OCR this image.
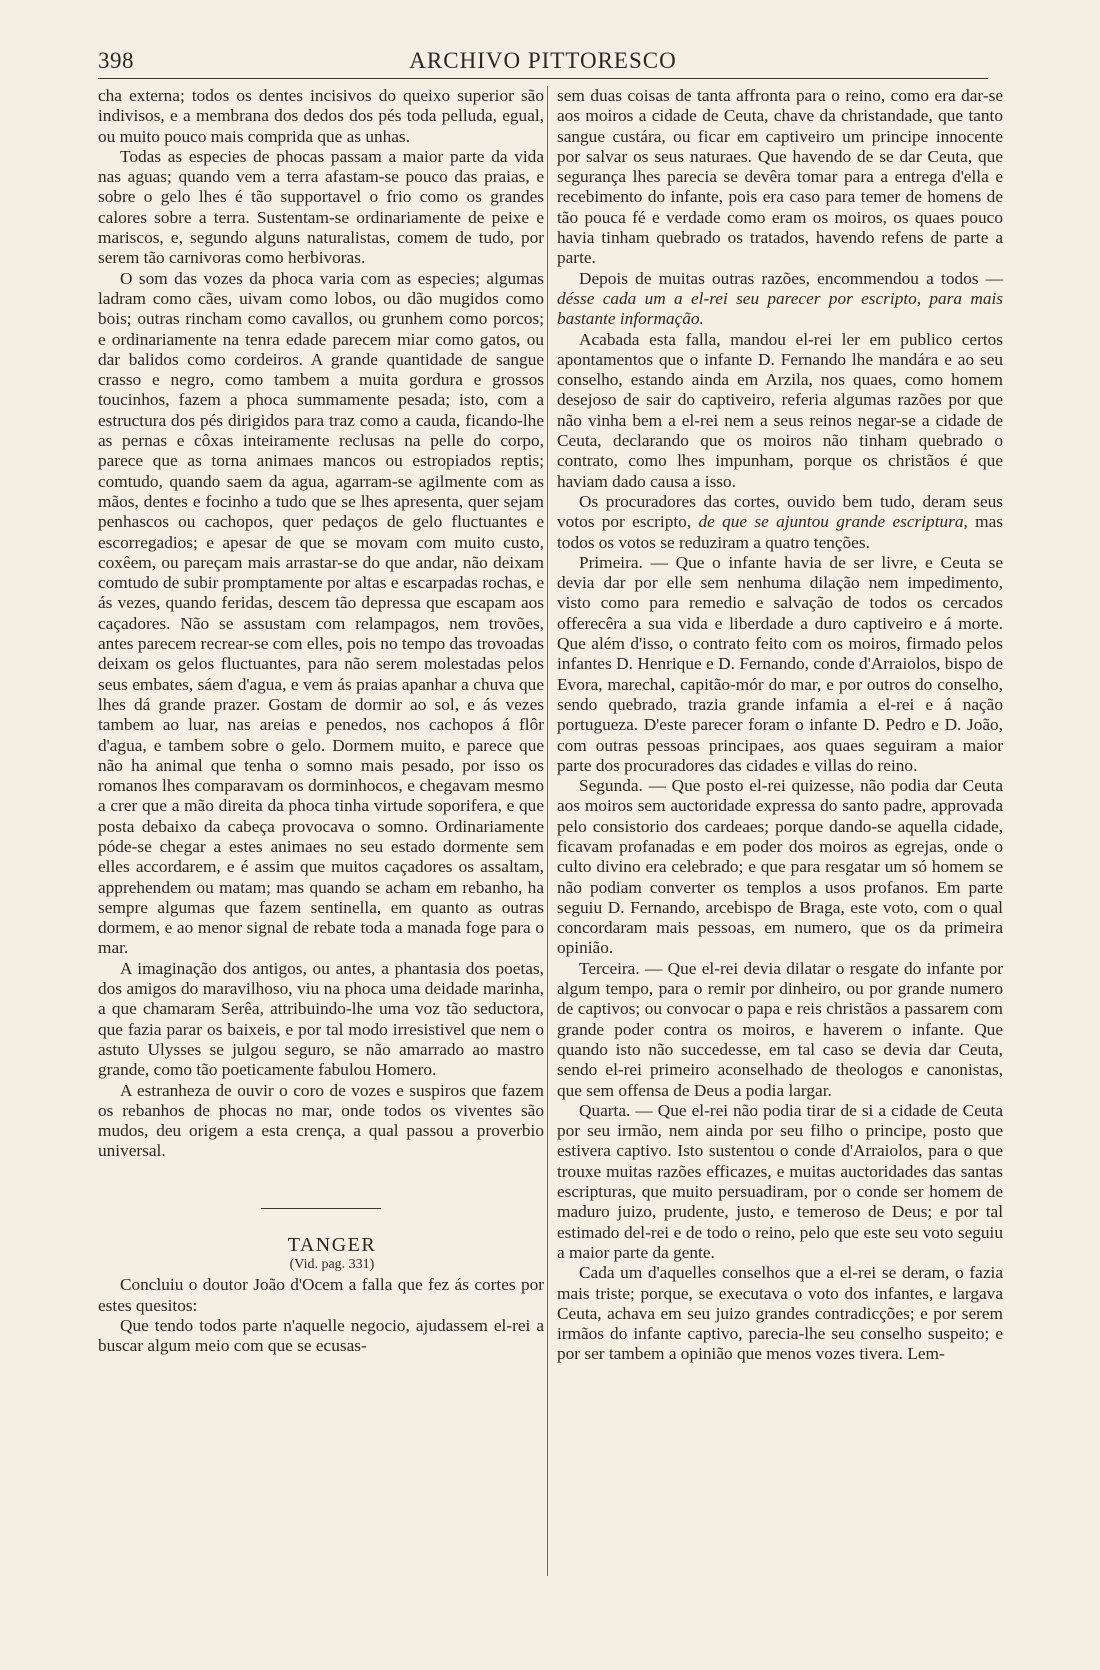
398	ARCHIVO PITTORESCO

cha externa; todos os dentes incisivos do queixo superior são indivisos, e a membrana dos dedos dos pés toda pelluda, egual, ou muito pouco mais comprida que as unhas.

Todas as especies de phocas passam a maior parte da vida nas aguas; quando vem a terra afastam-se pouco das praias, e sobre o gelo lhes é tão supportavel o frio como os grandes calores sobre a terra. Sustentam-se ordinariamente de peixe e mariscos, e, segundo alguns naturalistas, comem de tudo, por serem tão carnivoras como herbivoras.

O som das vozes da phoca varia com as especies; algumas ladram como cães, uivam como lobos, ou dão mugidos como bois; outras rincham como cavallos, ou grunhem como porcos; e ordinariamente na tenra edade parecem miar como gatos, ou dar balidos como cordeiros. A grande quantidade de sangue crasso e negro, como tambem a muita gordura e grossos toucinhos, fazem a phoca summamente pesada; isto, com a estructura dos pés dirigidos para traz como a cauda, ficando-lhe as pernas e côxas inteiramente reclusas na pelle do corpo, parece que as torna animaes mancos ou estropiados reptis; comtudo, quando saem da agua, agarram-se agilmente com as mãos, dentes e focinho a tudo que se lhes apresenta, quer sejam penhascos ou cachopos, quer pedaços de gelo fluctuantes e escorregadios; e apesar de que se movam com muito custo, coxêem, ou pareçam mais arrastar-se do que andar, não deixam comtudo de subir promptamente por altas e escarpadas rochas, e ás vezes, quando feridas, descem tão depressa que escapam aos caçadores. Não se assustam com relampagos, nem trovões, antes parecem recrear-se com elles, pois no tempo das trovoadas deixam os gelos fluctuantes, para não serem molestadas pelos seus embates, sáem d'agua, e vem ás praias apanhar a chuva que lhes dá grande prazer. Gostam de dormir ao sol, e ás vezes tambem ao luar, nas areias e penedos, nos cachopos á flôr d'agua, e tambem sobre o gelo. Dormem muito, e parece que não ha animal que tenha o somno mais pesado, por isso os romanos lhes comparavam os dorminhocos, e chegavam mesmo a crer que a mão direita da phoca tinha virtude soporifera, e que posta debaixo da cabeça provocava o somno. Ordinariamente póde-se chegar a estes animaes no seu estado dormente sem elles accordarem, e é assim que muitos caçadores os assaltam, apprehendem ou matam; mas quando se acham em rebanho, ha sempre algumas que fazem sentinella, em quanto as outras dormem, e ao menor signal de rebate toda a manada foge para o mar.

A imaginação dos antigos, ou antes, a phantasia dos poetas, dos amigos do maravilhoso, viu na phoca uma deidade marinha, a que chamaram Serêa, attribuindo-lhe uma voz tão seductora, que fazia parar os baixeis, e por tal modo irresistivel que nem o astuto Ulysses se julgou seguro, se não amarrado ao mastro grande, como tão poeticamente fabulou Homero.

A estranheza de ouvir o coro de vozes e suspiros que fazem os rebanhos de phocas no mar, onde todos os viventes são mudos, deu origem a esta crença, a qual passou a proverbio universal.

TANGER

(Vid. pag. 331)

Concluiu o doutor João d'Ocem a falla que fez ás cortes por estes quesitos:

Que tendo todos parte n'aquelle negocio, ajudassem el-rei a buscar algum meio com que se ecusas-

sem duas coisas de tanta affronta para o reino, como era dar-se aos moiros a cidade de Ceuta, chave da christandade, que tanto sangue custára, ou ficar em captiveiro um principe innocente por salvar os seus naturaes. Que havendo de se dar Ceuta, que segurança lhes parecia se devêra tomar para a entrega d'ella e recebimento do infante, pois era caso para temer de homens de tão pouca fé e verdade como eram os moiros, os quaes pouco havia tinham quebrado os tratados, havendo refens de parte a parte.

Depois de muitas outras razões, encommendou a todos — désse cada um a el-rei seu parecer por escripto, para mais bastante informação.

Acabada esta falla, mandou el-rei ler em publico certos apontamentos que o infante D. Fernando lhe mandára e ao seu conselho, estando ainda em Arzila, nos quaes, como homem desejoso de sair do captiveiro, referia algumas razões por que não vinha bem a el-rei nem a seus reinos negar-se a cidade de Ceuta, declarando que os moiros não tinham quebrado o contrato, como lhes impunham, porque os christãos é que haviam dado causa a isso.

Os procuradores das cortes, ouvido bem tudo, deram seus votos por escripto, de que se ajuntou grande escriptura, mas todos os votos se reduziram a quatro tenções.

Primeira. — Que o infante havia de ser livre, e Ceuta se devia dar por elle sem nenhuma dilação nem impedimento, visto como para remedio e salvação de todos os cercados offerecêra a sua vida e liberdade a duro captiveiro e á morte. Que além d'isso, o contrato feito com os moiros, firmado pelos infantes D. Henrique e D. Fernando, conde d'Arraiolos, bispo de Evora, marechal, capitão-mór do mar, e por outros do conselho, sendo quebrado, trazia grande infamia a el-rei e á nação portugueza. D'este parecer foram o infante D. Pedro e D. João, com outras pessoas principaes, aos quaes seguiram a maior parte dos procuradores das cidades e villas do reino.

Segunda. — Que posto el-rei quizesse, não podia dar Ceuta aos moiros sem auctoridade expressa do santo padre, approvada pelo consistorio dos cardeaes; porque dando-se aquella cidade, ficavam profanadas e em poder dos moiros as egrejas, onde o culto divino era celebrado; e que para resgatar um só homem se não podiam converter os templos a usos profanos. Em parte seguiu D. Fernando, arcebispo de Braga, este voto, com o qual concordaram mais pessoas, em numero, que os da primeira opinião.

Terceira. — Que el-rei devia dilatar o resgate do infante por algum tempo, para o remir por dinheiro, ou por grande numero de captivos; ou convocar o papa e reis christãos a passarem com grande poder contra os moiros, e haverem o infante. Que quando isto não succedesse, em tal caso se devia dar Ceuta, sendo el-rei primeiro aconselhado de theologos e canonistas, que sem offensa de Deus a podia largar.

Quarta. — Que el-rei não podia tirar de si a cidade de Ceuta por seu irmão, nem ainda por seu filho o principe, posto que estivera captivo. Isto sustentou o conde d'Arraiolos, para o que trouxe muitas razões efficazes, e muitas auctoridades das santas escripturas, que muito persuadiram, por o conde ser homem de maduro juizo, prudente, justo, e temeroso de Deus; e por tal estimado del-rei e de todo o reino, pelo que este seu voto seguiu a maior parte da gente.

Cada um d'aquelles conselhos que a el-rei se deram, o fazia mais triste; porque, se executava o voto dos infantes, e largava Ceuta, achava em seu juizo grandes contradicções; e por serem irmãos do infante captivo, parecia-lhe seu conselho suspeito; e por ser tambem a opinião que menos vozes tivera. Lem-
